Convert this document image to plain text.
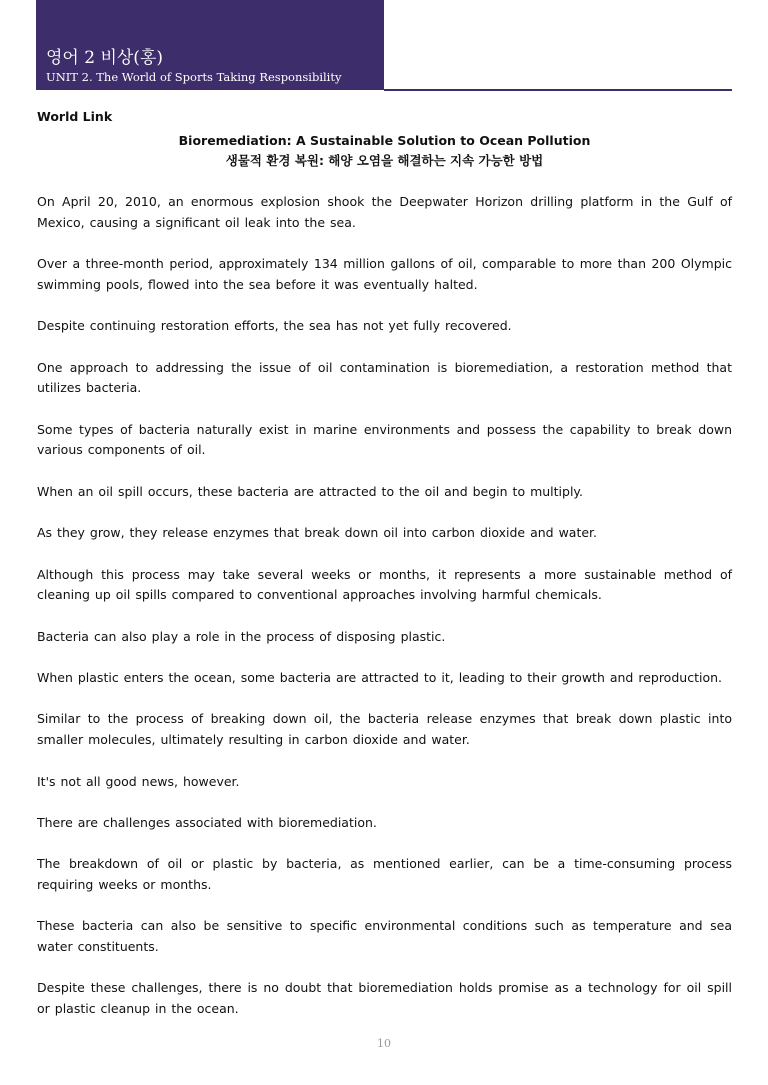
영어 2 비상(홍)
UNIT 2. The World of Sports Taking Responsibility

World Link

Bioremediation: A Sustainable Solution to Ocean Pollution

생물적 환경 복원: 해양 오염을 해결하는 지속 가능한 방법

On April 20, 2010, an enormous explosion shook the Deepwater Horizon drilling platform in the Gulf of Mexico, causing a significant oil leak into the sea.

Over a three-month period, approximately 134 million gallons of oil, comparable to more than 200 Olympic swimming pools, flowed into the sea before it was eventually halted.

Despite continuing restoration efforts, the sea has not yet fully recovered.

One approach to addressing the issue of oil contamination is bioremediation, a restoration method that utilizes bacteria.

Some types of bacteria naturally exist in marine environments and possess the capability to break down various components of oil.

When an oil spill occurs, these bacteria are attracted to the oil and begin to multiply.

As they grow, they release enzymes that break down oil into carbon dioxide and water.

Although this process may take several weeks or months, it represents a more sustainable method of cleaning up oil spills compared to conventional approaches involving harmful chemicals.

Bacteria can also play a role in the process of disposing plastic.

When plastic enters the ocean, some bacteria are attracted to it, leading to their growth and reproduction.

Similar to the process of breaking down oil, the bacteria release enzymes that break down plastic into smaller molecules, ultimately resulting in carbon dioxide and water.

It's not all good news, however.

There are challenges associated with bioremediation.

The breakdown of oil or plastic by bacteria, as mentioned earlier, can be a time-consuming process requiring weeks or months.

These bacteria can also be sensitive to specific environmental conditions such as temperature and sea water constituents.

Despite these challenges, there is no doubt that bioremediation holds promise as a technology for oil spill or plastic cleanup in the ocean.

10
